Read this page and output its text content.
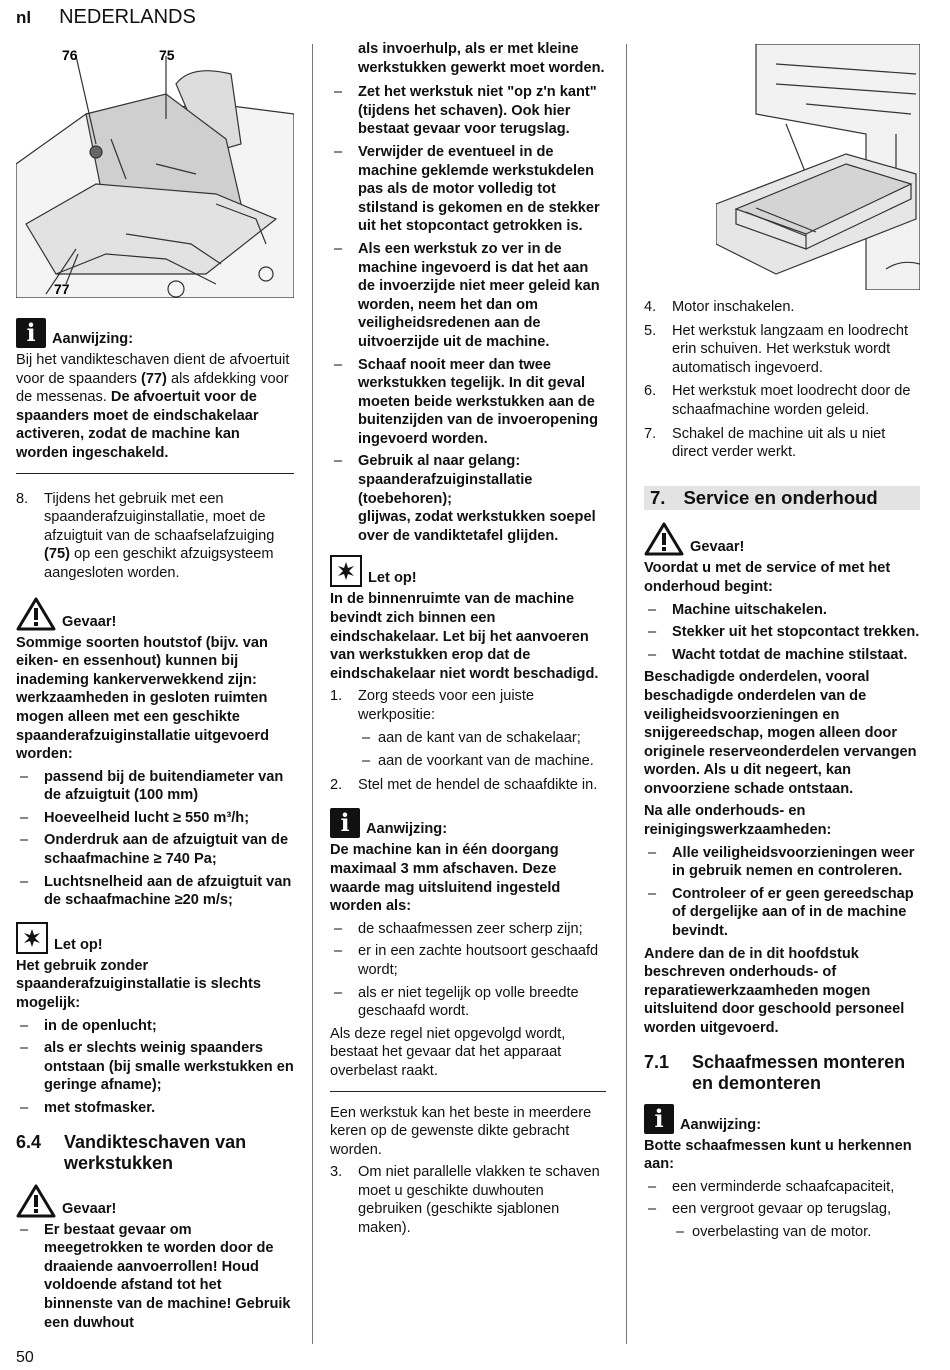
nl NEDERLANDS
76	75
77
i	Aanwijzing:

Bij het vandikteschaven dient de afvoertuit voor de spaanders (77) als afdekking voor de messenas. De afvoertuit voor de spaanders moet de eindschakelaar activeren, zodat de machine kan worden ingeschakeld.

8. Tijdens het gebruik met een spaanderafzuiginstallatie, moet de afzuigtuit van de schaafselafzuiging (75) op een geschikt afzuigsysteem aangesloten worden.
Gevaar!

Sommige soorten houtstof (bijv. van eiken- en essenhout) kunnen bij inademing kankerverwekkend zijn: werkzaamheden in gesloten ruimten mogen alleen met een geschikte spaanderafzuiginstallatie uitgevoerd worden:

– passend bij de buitendiameter van de afzuigtuit (100 mm)
– Hoeveelheid lucht ≥ 550 m³/h;
– Onderdruk aan de afzuigtuit van de schaafmachine ≥ 740 Pa;
– Luchtsnelheid aan de afzuigtuit van de schaafmachine ≥20 m/s;
Let op!

Het gebruik zonder spaanderafzuiginstallatie is slechts mogelijk:

– in de openlucht;
– als er slechts weinig spaanders ontstaan (bij smalle werkstukken en geringe afname);
– met stofmasker.
6.4	Vandikteschaven van werkstukken
Gevaar!
– Er bestaat gevaar om meegetrokken te worden door de draaiende aanvoerrollen! Houd voldoende afstand tot het binnenste van de machine! Gebruik een duwhout
als invoerhulp, als er met kleine werkstukken gewerkt moet worden.
– Zet het werkstuk niet "op z'n kant" (tijdens het schaven). Ook hier bestaat gevaar voor terugslag.
– Verwijder de eventueel in de machine geklemde werkstukdelen pas als de motor volledig tot stilstand is gekomen en de stekker uit het stopcontact getrokken is.
– Als een werkstuk zo ver in de machine ingevoerd is dat het aan de invoerzijde niet meer geleid kan worden, neem het dan om veiligheidsredenen aan de uitvoerzijde uit de machine.
– Schaaf nooit meer dan twee werkstukken tegelijk. In dit geval moeten beide werkstukken aan de buitenzijden van de invoeropening ingevoerd worden.
– Gebruik al naar gelang: spaanderafzuiginstallatie (toebehoren);
glijwas, zodat werkstukken soepel over de vandiktetafel glijden.
Let op!

In de binnenruimte van de machine bevindt zich binnen een eindschakelaar. Let bij het aanvoeren van werkstukken erop dat de eindschakelaar niet wordt beschadigd.

1. Zorg steeds voor een juiste werkpositie:
– aan de kant van de schakelaar;
– aan de voorkant van de machine.
2. Stel met de hendel de schaafdikte in.
i	Aanwijzing:

De machine kan in één doorgang maximaal 3 mm afschaven. Deze waarde mag uitsluitend ingesteld worden als:

– de schaafmessen zeer scherp zijn;
– er in een zachte houtsoort geschaafd wordt;
– als er niet tegelijk op volle breedte geschaafd wordt.

Als deze regel niet opgevolgd wordt, bestaat het gevaar dat het apparaat overbelast raakt.

Een werkstuk kan het beste in meerdere keren op de gewenste dikte gebracht worden.

3. Om niet parallelle vlakken te schaven moet u geschikte duwhouten gebruiken (geschikte sjablonen maken).
4. Motor inschakelen.
5. Het werkstuk langzaam en loodrecht erin schuiven. Het werkstuk wordt automatisch ingevoerd.
6. Het werkstuk moet loodrecht door de schaafmachine worden geleid.
7. Schakel de machine uit als u niet direct verder werkt.
7. Service en onderhoud
Gevaar!

Voordat u met de service of met het onderhoud begint:

– Machine uitschakelen.
– Stekker uit het stopcontact trekken.
– Wacht totdat de machine stilstaat.

Beschadigde onderdelen, vooral beschadigde onderdelen van de veiligheidsvoorzieningen en snijgereedschap, mogen alleen door originele reserveonderdelen vervangen worden. Als u dit negeert, kan onvoorziene schade ontstaan.

Na alle onderhouds- en reinigingswerkzaamheden:

– Alle veiligheidsvoorzieningen weer in gebruik nemen en controleren.
– Controleer of er geen gereedschap of dergelijke aan of in de machine bevindt.

Andere dan de in dit hoofdstuk beschreven onderhouds- of reparatiewerkzaamheden mogen uitsluitend door geschoold personeel worden uitgevoerd.

7.1	Schaafmessen monteren en demonteren
i	Aanwijzing:

Botte schaafmessen kunt u herkennen aan:

– een verminderde schaafcapaciteit,
– een vergroot gevaar op terugslag,
– overbelasting van de motor.
50
